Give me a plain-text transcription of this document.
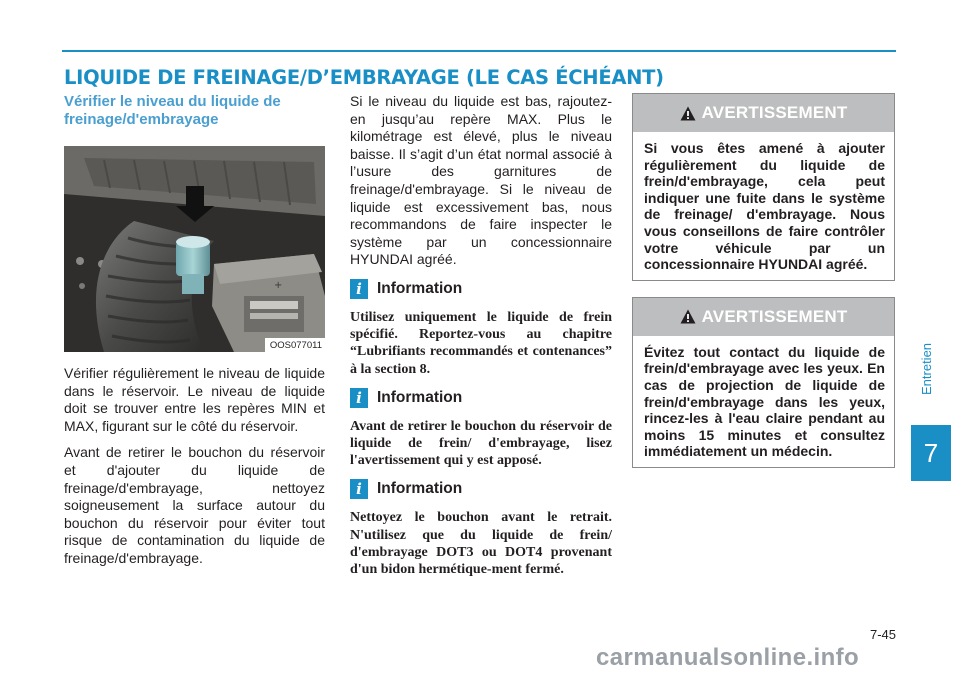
LIQUIDE DE FREINAGE/D’EMBRAYAGE (LE CAS ÉCHÉANT)
Vérifier le niveau du liquide de freinage/d'embrayage
+
OOS077011

Vérifier régulièrement le niveau de liquide dans le réservoir. Le niveau de liquide doit se trouver entre les repères MIN et MAX, figurant sur le côté du réservoir.

Avant de retirer le bouchon du réservoir et d'ajouter du liquide de freinage/d'embrayage, nettoyez soigneusement la surface autour du bouchon du réservoir pour éviter tout risque de contamination du liquide de freinage/d'embrayage.

Si le niveau du liquide est bas, rajoutez-en jusqu’au repère MAX. Plus le kilométrage est élevé, plus le niveau baisse. Il s’agit d’un état normal associé à l’usure des garnitures de freinage/d'embrayage. Si le niveau de liquide est excessivement bas, nous recommandons de faire inspecter le système par un concessionnaire HYUNDAI agréé.

i Information

Utilisez uniquement le liquide de frein spécifié. Reportez-vous au chapitre “Lubrifiants recommandés et contenances” à la section 8.

i Information

Avant de retirer le bouchon du réservoir de liquide de frein/ d'embrayage, lisez l'avertissement qui y est apposé.

i Information

Nettoyez le bouchon avant le retrait. N'utilisez que du liquide de frein/ d'embrayage DOT3 ou DOT4 provenant d'un bidon hermétique-ment fermé.

AVERTISSEMENT

Si vous êtes amené à ajouter régulièrement du liquide de frein/d'embrayage, cela peut indiquer une fuite dans le système de freinage/ d'embrayage. Nous vous conseillons de faire contrôler votre véhicule par un concessionnaire HYUNDAI agréé.

AVERTISSEMENT

Évitez tout contact du liquide de frein/d'embrayage avec les yeux. En cas de projection de liquide de frein/d'embrayage dans les yeux, rincez-les à l'eau claire pendant au moins 15 minutes et consultez immédiatement un médecin.

Entretien
7
7-45
carmanualsonline.info
